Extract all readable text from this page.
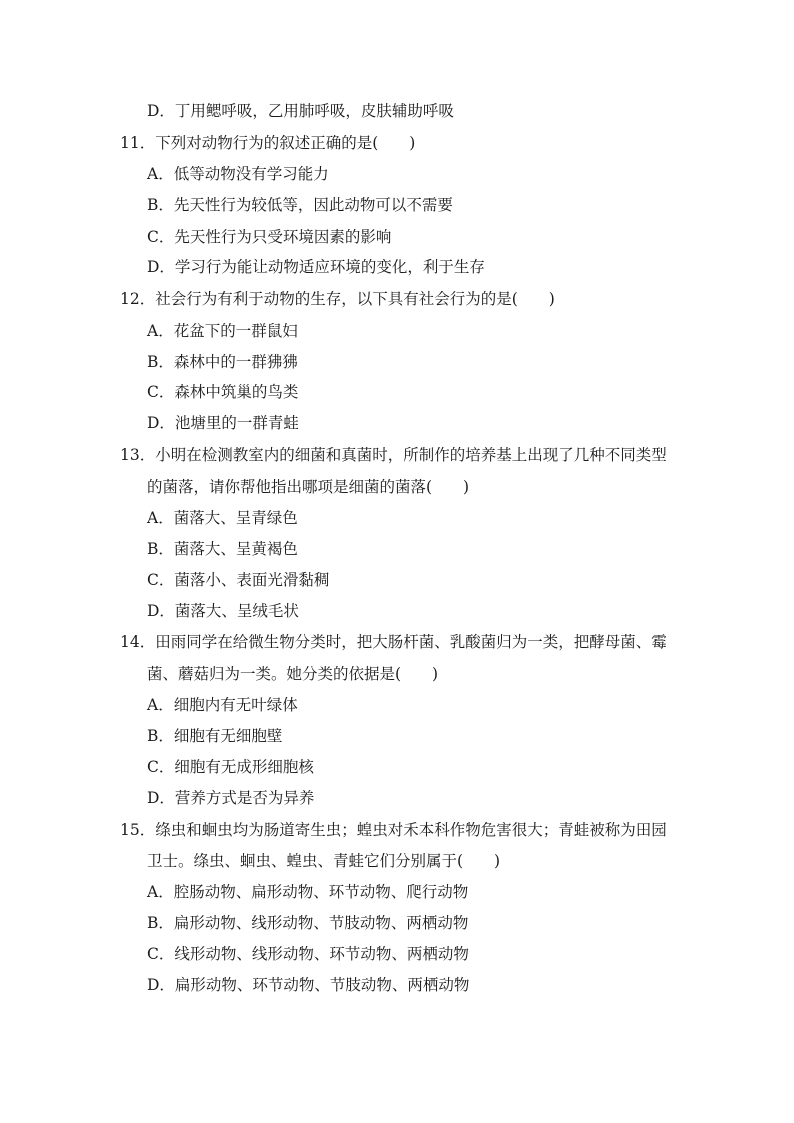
D．丁用鳃呼吸，乙用肺呼吸，皮肤辅助呼吸
11．下列对动物行为的叙述正确的是(　　)
A．低等动物没有学习能力
B．先天性行为较低等，因此动物可以不需要
C．先天性行为只受环境因素的影响
D．学习行为能让动物适应环境的变化，利于生存
12．社会行为有利于动物的生存，以下具有社会行为的是(　　)
A．花盆下的一群鼠妇
B．森林中的一群狒狒
C．森林中筑巢的鸟类
D．池塘里的一群青蛙
13．小明在检测教室内的细菌和真菌时，所制作的培养基上出现了几种不同类型
的菌落，请你帮他指出哪项是细菌的菌落(　　)
A．菌落大、呈青绿色
B．菌落大、呈黄褐色
C．菌落小、表面光滑黏稠
D．菌落大、呈绒毛状
14．田雨同学在给微生物分类时，把大肠杆菌、乳酸菌归为一类，把酵母菌、霉
菌、蘑菇归为一类。她分类的依据是(　　)
A．细胞内有无叶绿体
B．细胞有无细胞壁
C．细胞有无成形细胞核
D．营养方式是否为异养
15．绦虫和蛔虫均为肠道寄生虫；蝗虫对禾本科作物危害很大；青蛙被称为田园
卫士。绦虫、蛔虫、蝗虫、青蛙它们分别属于(　　)
A．腔肠动物、扁形动物、环节动物、爬行动物
B．扁形动物、线形动物、节肢动物、两栖动物
C．线形动物、线形动物、环节动物、两栖动物
D．扁形动物、环节动物、节肢动物、两栖动物
